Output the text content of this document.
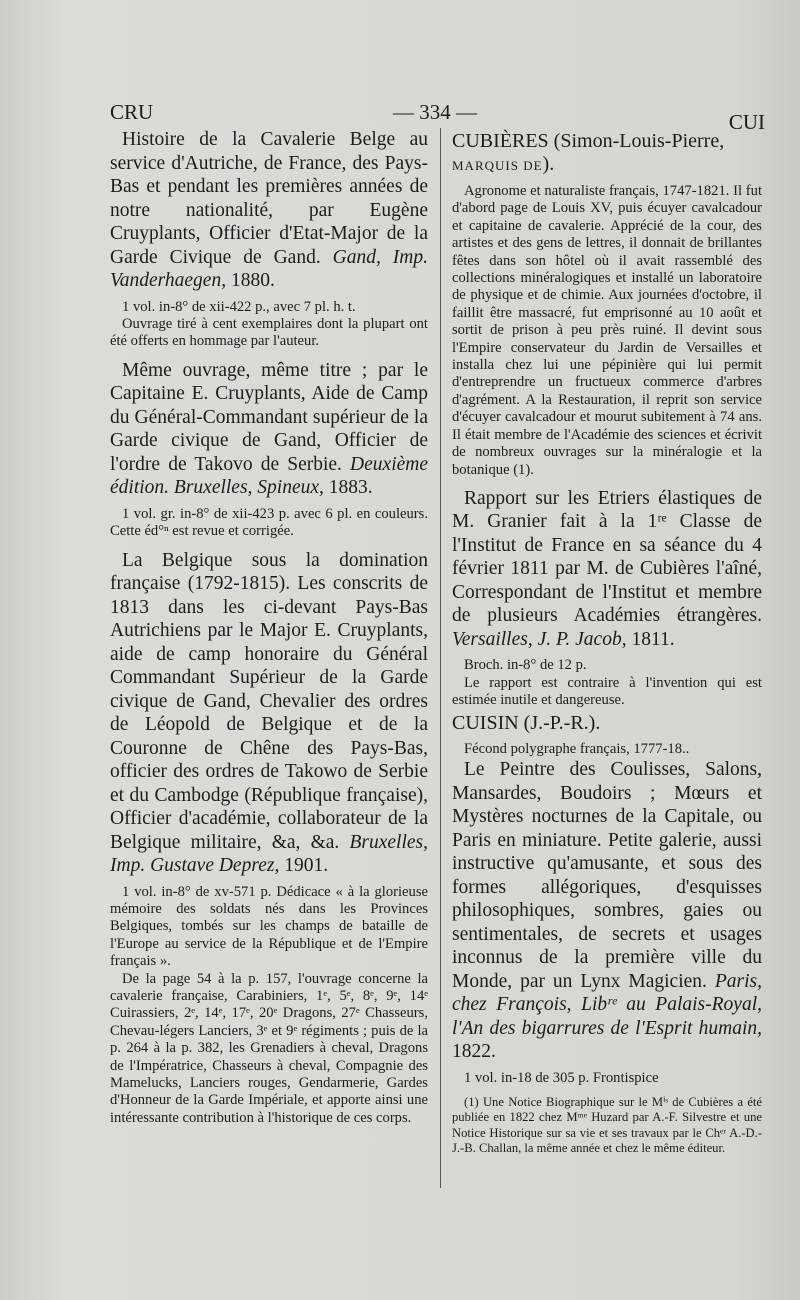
CRU	— 334 —	CUI

Histoire de la Cavalerie Belge au service d'Autriche, de France, des Pays-Bas et pendant les premières années de notre nationalité, par Eugène Cruyplants, Officier d'Etat-Major de la Garde Civique de Gand. Gand, Imp. Vanderhaegen, 1880.

1 vol. in-8° de xii-422 p., avec 7 pl. h. t.

Ouvrage tiré à cent exemplaires dont la plupart ont été offerts en hommage par l'auteur.

Même ouvrage, même titre ; par le Capitaine E. Cruyplants, Aide de Camp du Général-Commandant supérieur de la Garde civique de Gand, Officier de l'ordre de Takovo de Serbie. Deuxième édition. Bruxelles, Spineux, 1883.

1 vol. gr. in-8° de xii-423 p. avec 6 pl. en couleurs. Cette éd°ⁿ est revue et corrigée.

La Belgique sous la domination française (1792-1815). Les conscrits de 1813 dans les ci-devant Pays-Bas Autrichiens par le Major E. Cruyplants, aide de camp honoraire du Général Commandant Supérieur de la Garde civique de Gand, Chevalier des ordres de Léopold de Belgique et de la Couronne de Chêne des Pays-Bas, officier des ordres de Takowo de Serbie et du Cambodge (République française), Officier d'académie, collaborateur de la Belgique militaire, &a, &a. Bruxelles, Imp. Gustave Deprez, 1901.

1 vol. in-8° de xv-571 p. Dédicace « à la glorieuse mémoire des soldats nés dans les Provinces Belgiques, tombés sur les champs de bataille de l'Europe au service de la République et de l'Empire français ».

De la page 54 à la p. 157, l'ouvrage concerne la cavalerie française, Carabiniers, 1ᵉ, 5ᵉ, 8ᵉ, 9ᵉ, 14ᵉ Cuirassiers, 2ᵉ, 14ᵉ, 17ᵉ, 20ᵉ Dragons, 27ᵉ Chasseurs, Chevau-légers Lanciers, 3ᵉ et 9ᵉ régiments ; puis de la p. 264 à la p. 382, les Grenadiers à cheval, Dragons de l'Impératrice, Chasseurs à cheval, Compagnie des Mamelucks, Lanciers rouges, Gendarmerie, Gardes d'Honneur de la Garde Impériale, et apporte ainsi une intéressante contribution à l'historique de ces corps.

CUBIÈRES (Simon-Louis-Pierre, MARQUIS DE).

Agronome et naturaliste français, 1747-1821. Il fut d'abord page de Louis XV, puis écuyer cavalcadour et capitaine de cavalerie. Apprécié de la cour, des artistes et des gens de lettres, il donnait de brillantes fêtes dans son hôtel où il avait rassemblé des collections minéralogiques et installé un laboratoire de physique et de chimie. Aux journées d'octobre, il faillit être massacré, fut emprisonné au 10 août et sortit de prison à peu près ruiné. Il devint sous l'Empire conservateur du Jardin de Versailles et installa chez lui une pépinière qui lui permit d'entreprendre un fructueux commerce d'arbres d'agrément. A la Restauration, il reprit son service d'écuyer cavalcadour et mourut subitement à 74 ans. Il était membre de l'Académie des sciences et écrivit de nombreux ouvrages sur la minéralogie et la botanique (1).

Rapport sur les Etriers élastiques de M. Granier fait à la 1ʳᵉ Classe de l'Institut de France en sa séance du 4 février 1811 par M. de Cubières l'aîné, Correspondant de l'Institut et membre de plusieurs Académies étrangères. Versailles, J. P. Jacob, 1811.

Broch. in-8° de 12 p.

Le rapport est contraire à l'invention qui est estimée inutile et dangereuse.

CUISIN (J.-P.-R.).

Fécond polygraphe français, 1777-18..

Le Peintre des Coulisses, Salons, Mansardes, Boudoirs ; Mœurs et Mystères nocturnes de la Capitale, ou Paris en miniature. Petite galerie, aussi instructive qu'amusante, et sous des formes allégoriques, d'esquisses philosophiques, sombres, gaies ou sentimentales, de secrets et usages inconnus de la première ville du Monde, par un Lynx Magicien. Paris, chez François, Libʳᵉ au Palais-Royal, l'An des bigarrures de l'Esprit humain, 1822.

1 vol. in-18 de 305 p. Frontispice

(1) Une Notice Biographique sur le Mⁱˢ de Cubières a été publiée en 1822 chez Mᵐᵉ Huzard par A.-F. Silvestre et une Notice Historique sur sa vie et ses travaux par le Chᵉʳ A.-D.-J.-B. Challan, la même année et chez le même éditeur.
